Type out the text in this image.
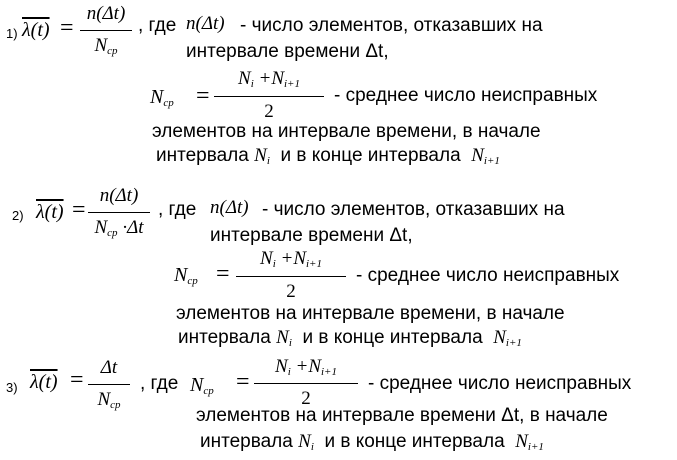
1) λ(t) =
n(Δt)
$N_{ср}$
, где n(Δt) - число элементов, отказавших на
интервале времени Δt,
$N_{ср}$ =
$N_i +N_{i+1}$
2
- среднее число неисправных
элементов на интервале времени, в начале
интервала $N_i$ и в конце интервала $N_{i+1}$
2) λ(t) =
n(Δt)
$N_{ср} \cdot\Delta t$
, где n(Δt) - число элементов, отказавших на
интервале времени Δt,
$N_{ср}$ =
$N_i +N_{i+1}$
2
- среднее число неисправных
элементов на интервале времени, в начале
интервала $N_i$ и в конце интервала $N_{i+1}$
3) λ(t) = Δt
$N_{ср}$
, где $N_{ср}$ =
$N_i +N_{i+1}$
2
- среднее число неисправных
элементов на интервале времени Δt, в начале
интервала $N_i$ и в конце интервала $N_{i+1}$
